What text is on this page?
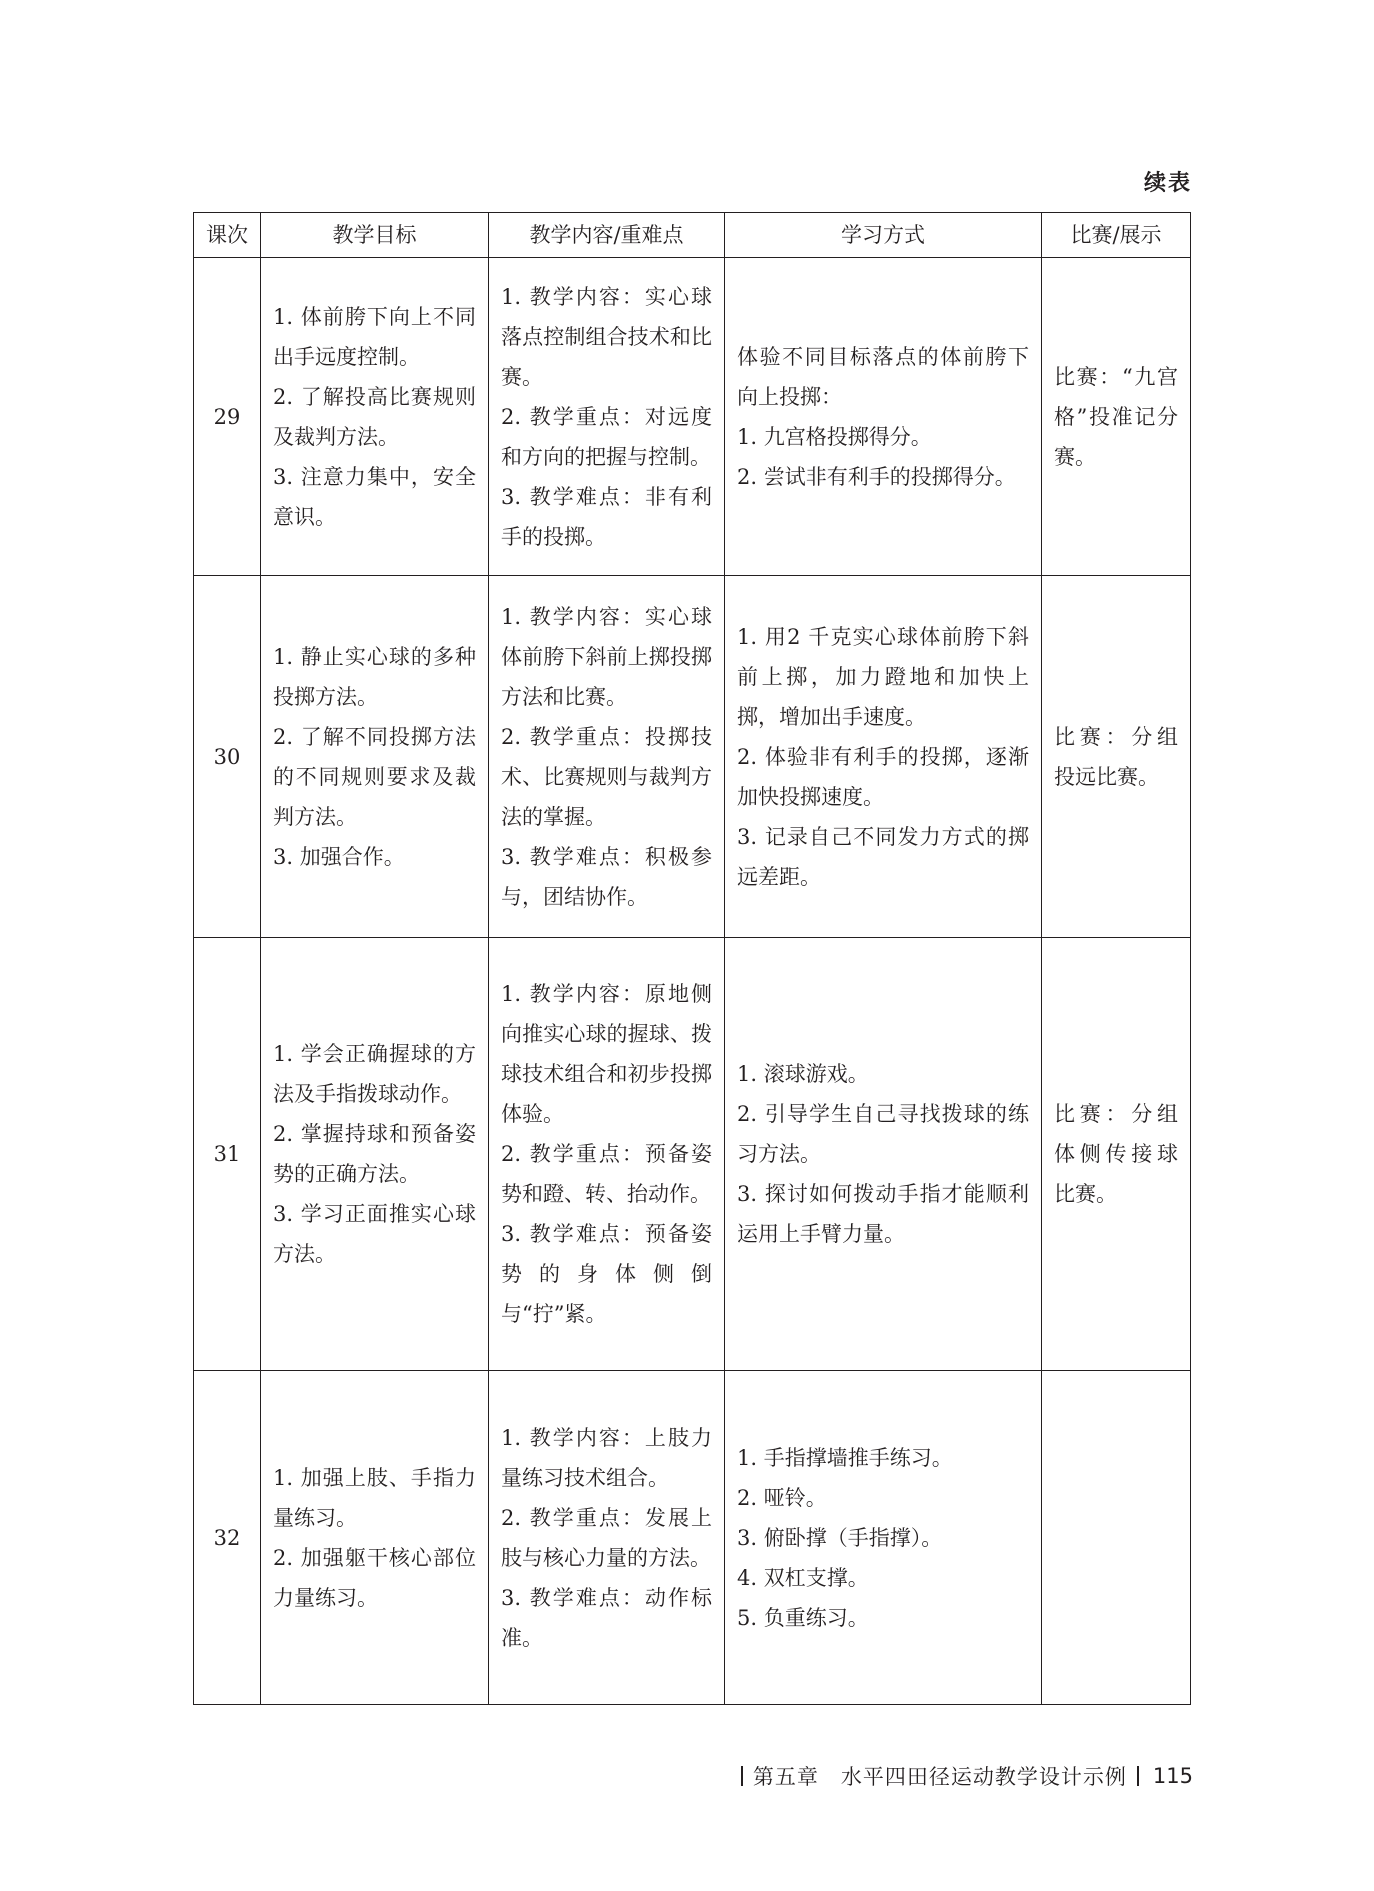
续表
课次	教学目标	教学内容/重难点	学习方式	比赛/展示
29	1. 体前胯下向上不同出手远度控制。
2. 了解投高比赛规则及裁判方法。
3. 注意力集中，安全意识。	1. 教学内容：实心球落点控制组合技术和比赛。
2. 教学重点：对远度和方向的把握与控制。
3. 教学难点：非有利手的投掷。	体验不同目标落点的体前胯下向上投掷：
1. 九宫格投掷得分。
2. 尝试非有利手的投掷得分。	比赛：“九宫格”投准记分赛。
30	1. 静止实心球的多种投掷方法。
2. 了解不同投掷方法的不同规则要求及裁判方法。
3. 加强合作。	1. 教学内容：实心球体前胯下斜前上掷投掷方法和比赛。
2. 教学重点：投掷技术、比赛规则与裁判方法的掌握。
3. 教学难点：积极参与，团结协作。	1. 用2 千克实心球体前胯下斜前上掷，加力蹬地和加快上掷，增加出手速度。
2. 体验非有利手的投掷，逐渐加快投掷速度。
3. 记录自己不同发力方式的掷远差距。	比赛：分组投远比赛。
31	1. 学会正确握球的方法及手指拨球动作。
2. 掌握持球和预备姿势的正确方法。
3. 学习正面推实心球方法。	1. 教学内容：原地侧向推实心球的握球、拨球技术组合和初步投掷体验。
2. 教学重点：预备姿势和蹬、转、抬动作。
3. 教学难点：预备姿势的身体侧倒与“拧”紧。	1. 滚球游戏。
2. 引导学生自己寻找拨球的练习方法。
3. 探讨如何拨动手指才能顺利运用上手臂力量。	比赛：分组体侧传接球比赛。
32	1. 加强上肢、手指力量练习。
2. 加强躯干核心部位力量练习。	1. 教学内容：上肢力量练习技术组合。
2. 教学重点：发展上肢与核心力量的方法。
3. 教学难点：动作标准。	1. 手指撑墙推手练习。
2. 哑铃。
3. 俯卧撑（手指撑）。
4. 双杠支撑。
5. 负重练习。	

第五章　水平四田径运动教学设计示例 115
